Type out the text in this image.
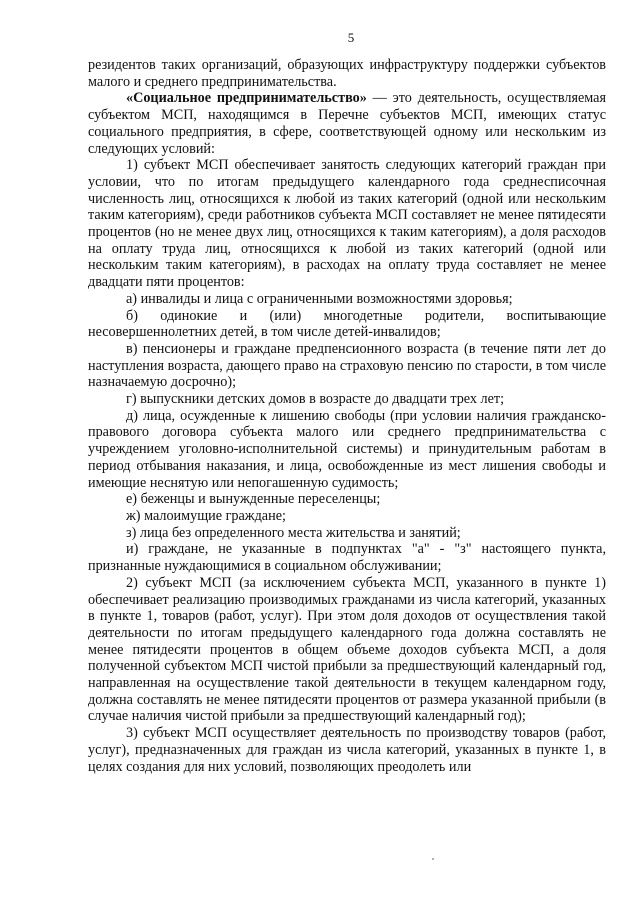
5

резидентов таких организаций, образующих инфраструктуру поддержки субъектов малого и среднего предпринимательства.

«Социальное предпринимательство» — это деятельность, осуществляемая субъектом МСП, находящимся в Перечне субъектов МСП, имеющих статус социального предприятия, в сфере, соответствующей одному или нескольким из следующих условий:

1) субъект МСП обеспечивает занятость следующих категорий граждан при условии, что по итогам предыдущего календарного года среднесписочная численность лиц, относящихся к любой из таких категорий (одной или нескольким таким категориям), среди работников субъекта МСП составляет не менее пятидесяти процентов (но не менее двух лиц, относящихся к таким категориям), а доля расходов на оплату труда лиц, относящихся к любой из таких категорий (одной или нескольким таким категориям), в расходах на оплату труда составляет не менее двадцати пяти процентов:

а) инвалиды и лица с ограниченными возможностями здоровья;

б) одинокие и (или) многодетные родители, воспитывающие несовершеннолетних детей, в том числе детей-инвалидов;

в) пенсионеры и граждане предпенсионного возраста (в течение пяти лет до наступления возраста, дающего право на страховую пенсию по старости, в том числе назначаемую досрочно);

г) выпускники детских домов в возрасте до двадцати трех лет;

д) лица, осужденные к лишению свободы (при условии наличия гражданско-правового договора субъекта малого или среднего предпринимательства с учреждением уголовно-исполнительной системы) и принудительным работам в период отбывания наказания, и лица, освобожденные из мест лишения свободы и имеющие неснятую или непогашенную судимость;

е) беженцы и вынужденные переселенцы;

ж) малоимущие граждане;

з) лица без определенного места жительства и занятий;

и) граждане, не указанные в подпунктах "а" - "з" настоящего пункта, признанные нуждающимися в социальном обслуживании;

2) субъект МСП (за исключением субъекта МСП, указанного в пункте 1) обеспечивает реализацию производимых гражданами из числа категорий, указанных в пункте 1, товаров (работ, услуг). При этом доля доходов от осуществления такой деятельности по итогам предыдущего календарного года должна составлять не менее пятидесяти процентов в общем объеме доходов субъекта МСП, а доля полученной субъектом МСП чистой прибыли за предшествующий календарный год, направленная на осуществление такой деятельности в текущем календарном году, должна составлять не менее пятидесяти процентов от размера указанной прибыли (в случае наличия чистой прибыли за предшествующий календарный год);

3) субъект МСП осуществляет деятельность по производству товаров (работ, услуг), предназначенных для граждан из числа категорий, указанных в пункте 1, в целях создания для них условий, позволяющих преодолеть или
